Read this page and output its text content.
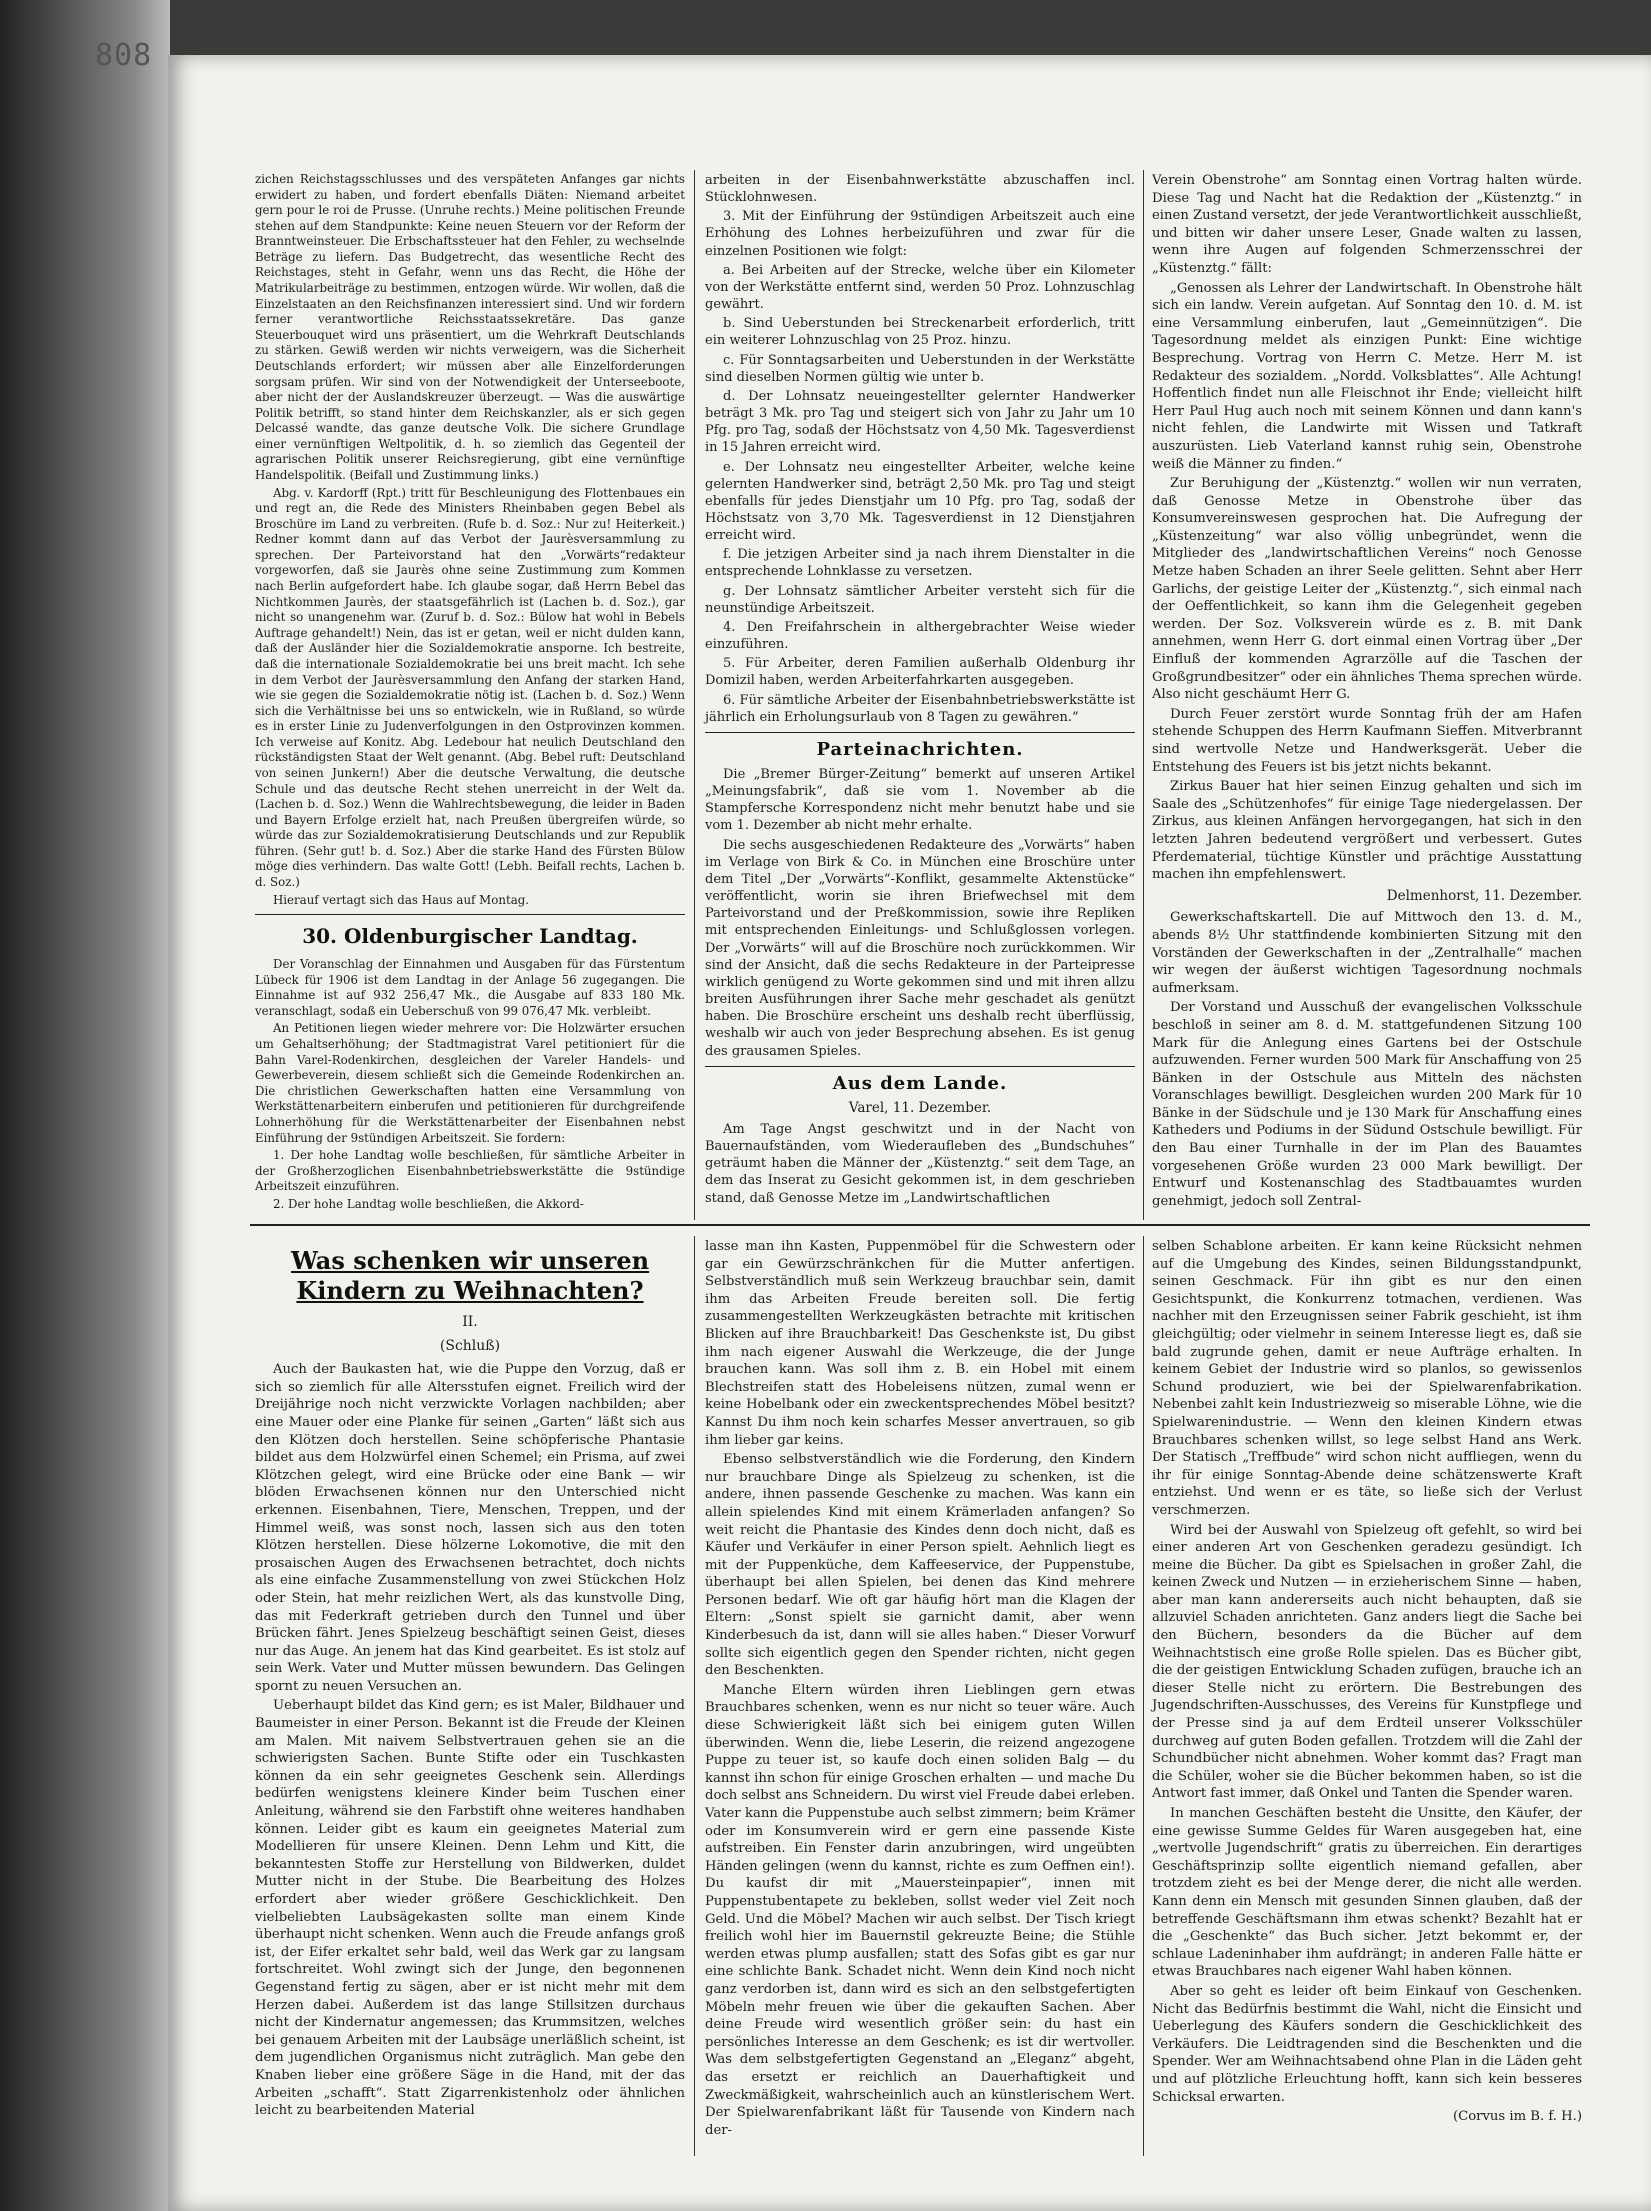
808

zichen Reichstagsschlusses und des verspäteten Anfanges gar nichts erwidert zu haben, und fordert ebenfalls Diäten: Niemand arbeitet gern pour le roi de Prusse. (Unruhe rechts.) Meine politischen Freunde stehen auf dem Standpunkte: Keine neuen Steuern vor der Reform der Branntweinsteuer. Die Erbschaftssteuer hat den Fehler, zu wechselnde Beträge zu liefern. Das Budgetrecht, das wesentliche Recht des Reichstages, steht in Gefahr, wenn uns das Recht, die Höhe der Matrikularbeiträge zu bestimmen, entzogen würde. Wir wollen, daß die Einzelstaaten an den Reichsfinanzen interessiert sind. Und wir fordern ferner verantwortliche Reichsstaatssekretäre. Das ganze Steuerbouquet wird uns präsentiert, um die Wehrkraft Deutschlands zu stärken. Gewiß werden wir nichts verweigern, was die Sicherheit Deutschlands erfordert; wir müssen aber alle Einzelforderungen sorgsam prüfen. Wir sind von der Notwendigkeit der Unterseeboote, aber nicht der der Auslandskreuzer überzeugt. — Was die auswärtige Politik betrifft, so stand hinter dem Reichskanzler, als er sich gegen Delcassé wandte, das ganze deutsche Volk. Die sichere Grundlage einer vernünftigen Weltpolitik, d. h. so ziemlich das Gegenteil der agrarischen Politik unserer Reichsregierung, gibt eine vernünftige Handelspolitik. (Beifall und Zustimmung links.)

Abg. v. Kardorff (Rpt.) tritt für Beschleunigung des Flottenbaues ein und regt an, die Rede des Ministers Rheinbaben gegen Bebel als Broschüre im Land zu verbreiten. (Rufe b. d. Soz.: Nur zu! Heiterkeit.) Redner kommt dann auf das Verbot der Jaurèsversammlung zu sprechen. Der Parteivorstand hat den „Vorwärts“redakteur vorgeworfen, daß sie Jaurès ohne seine Zustimmung zum Kommen nach Berlin aufgefordert habe. Ich glaube sogar, daß Herrn Bebel das Nichtkommen Jaurès, der staatsgefährlich ist (Lachen b. d. Soz.), gar nicht so unangenehm war. (Zuruf b. d. Soz.: Bülow hat wohl in Bebels Auftrage gehandelt!) Nein, das ist er getan, weil er nicht dulden kann, daß der Ausländer hier die Sozialdemokratie ansporne. Ich bestreite, daß die internationale Sozialdemokratie bei uns breit macht. Ich sehe in dem Verbot der Jaurèsversammlung den Anfang der starken Hand, wie sie gegen die Sozialdemokratie nötig ist. (Lachen b. d. Soz.) Wenn sich die Verhältnisse bei uns so entwickeln, wie in Rußland, so würde es in erster Linie zu Judenverfolgungen in den Ostprovinzen kommen. Ich verweise auf Konitz. Abg. Ledebour hat neulich Deutschland den rückständigsten Staat der Welt genannt. (Abg. Bebel ruft: Deutschland von seinen Junkern!) Aber die deutsche Verwaltung, die deutsche Schule und das deutsche Recht stehen unerreicht in der Welt da. (Lachen b. d. Soz.) Wenn die Wahlrechtsbewegung, die leider in Baden und Bayern Erfolge erzielt hat, nach Preußen übergreifen würde, so würde das zur Sozialdemokratisierung Deutschlands und zur Republik führen. (Sehr gut! b. d. Soz.) Aber die starke Hand des Fürsten Bülow möge dies verhindern. Das walte Gott! (Lebh. Beifall rechts, Lachen b. d. Soz.)

Hierauf vertagt sich das Haus auf Montag.

30. Oldenburgischer Landtag.

Der Voranschlag der Einnahmen und Ausgaben für das Fürstentum Lübeck für 1906 ist dem Landtag in der Anlage 56 zugegangen. Die Einnahme ist auf 932 256,47 Mk., die Ausgabe auf 833 180 Mk. veranschlagt, sodaß ein Ueberschuß von 99 076,47 Mk. verbleibt.

An Petitionen liegen wieder mehrere vor: Die Holzwärter ersuchen um Gehaltserhöhung; der Stadtmagistrat Varel petitioniert für die Bahn Varel-Rodenkirchen, desgleichen der Vareler Handels- und Gewerbeverein, diesem schließt sich die Gemeinde Rodenkirchen an. Die christlichen Gewerkschaften hatten eine Versammlung von Werkstättenarbeitern einberufen und petitionieren für durchgreifende Lohnerhöhung für die Werkstättenarbeiter der Eisenbahnen nebst Einführung der 9stündigen Arbeitszeit. Sie fordern:

1. Der hohe Landtag wolle beschließen, für sämtliche Arbeiter in der Großherzoglichen Eisenbahnbetriebswerkstätte die 9stündige Arbeitszeit einzuführen.

2. Der hohe Landtag wolle beschließen, die Akkord-

arbeiten in der Eisenbahnwerkstätte abzuschaffen incl. Stücklohnwesen.

3. Mit der Einführung der 9stündigen Arbeitszeit auch eine Erhöhung des Lohnes herbeizuführen und zwar für die einzelnen Positionen wie folgt:

a. Bei Arbeiten auf der Strecke, welche über ein Kilometer von der Werkstätte entfernt sind, werden 50 Proz. Lohnzuschlag gewährt.

b. Sind Ueberstunden bei Streckenarbeit erforderlich, tritt ein weiterer Lohnzuschlag von 25 Proz. hinzu.

c. Für Sonntagsarbeiten und Ueberstunden in der Werkstätte sind dieselben Normen gültig wie unter b.

d. Der Lohnsatz neueingestellter gelernter Handwerker beträgt 3 Mk. pro Tag und steigert sich von Jahr zu Jahr um 10 Pfg. pro Tag, sodaß der Höchstsatz von 4,50 Mk. Tagesverdienst in 15 Jahren erreicht wird.

e. Der Lohnsatz neu eingestellter Arbeiter, welche keine gelernten Handwerker sind, beträgt 2,50 Mk. pro Tag und steigt ebenfalls für jedes Dienstjahr um 10 Pfg. pro Tag, sodaß der Höchstsatz von 3,70 Mk. Tagesverdienst in 12 Dienstjahren erreicht wird.

f. Die jetzigen Arbeiter sind ja nach ihrem Dienstalter in die entsprechende Lohnklasse zu versetzen.

g. Der Lohnsatz sämtlicher Arbeiter versteht sich für die neunstündige Arbeitszeit.

4. Den Freifahrschein in althergebrachter Weise wieder einzuführen.

5. Für Arbeiter, deren Familien außerhalb Oldenburg ihr Domizil haben, werden Arbeiterfahrkarten ausgegeben.

6. Für sämtliche Arbeiter der Eisenbahnbetriebswerkstätte ist jährlich ein Erholungsurlaub von 8 Tagen zu gewähren.“

Parteinachrichten.

Die „Bremer Bürger-Zeitung“ bemerkt auf unseren Artikel „Meinungsfabrik“, daß sie vom 1. November ab die Stampfersche Korrespondenz nicht mehr benutzt habe und sie vom 1. Dezember ab nicht mehr erhalte.

Die sechs ausgeschiedenen Redakteure des „Vorwärts“ haben im Verlage von Birk & Co. in München eine Broschüre unter dem Titel „Der „Vorwärts“-Konflikt, gesammelte Aktenstücke“ veröffentlicht, worin sie ihren Briefwechsel mit dem Parteivorstand und der Preßkommission, sowie ihre Repliken mit entsprechenden Einleitungs- und Schlußglossen vorlegen. Der „Vorwärts“ will auf die Broschüre noch zurückkommen. Wir sind der Ansicht, daß die sechs Redakteure in der Parteipresse wirklich genügend zu Worte gekommen sind und mit ihren allzu breiten Ausführungen ihrer Sache mehr geschadet als genützt haben. Die Broschüre erscheint uns deshalb recht überflüssig, weshalb wir auch von jeder Besprechung absehen. Es ist genug des grausamen Spieles.

Aus dem Lande.
Varel, 11. Dezember.

Am Tage Angst geschwitzt und in der Nacht von Bauernaufständen, vom Wiederaufleben des „Bundschuhes“ geträumt haben die Männer der „Küstenztg.“ seit dem Tage, an dem das Inserat zu Gesicht gekommen ist, in dem geschrieben stand, daß Genosse Metze im „Landwirtschaftlichen

Verein Obenstrohe“ am Sonntag einen Vortrag halten würde. Diese Tag und Nacht hat die Redaktion der „Küstenztg.“ in einen Zustand versetzt, der jede Verantwortlichkeit ausschließt, und bitten wir daher unsere Leser, Gnade walten zu lassen, wenn ihre Augen auf folgenden Schmerzensschrei der „Küstenztg.“ fällt:

„Genossen als Lehrer der Landwirtschaft. In Obenstrohe hält sich ein landw. Verein aufgetan. Auf Sonntag den 10. d. M. ist eine Versammlung einberufen, laut „Gemeinnützigen“. Die Tagesordnung meldet als einzigen Punkt: Eine wichtige Besprechung. Vortrag von Herrn C. Metze. Herr M. ist Redakteur des sozialdem. „Nordd. Volksblattes“. Alle Achtung! Hoffentlich findet nun alle Fleischnot ihr Ende; vielleicht hilft Herr Paul Hug auch noch mit seinem Können und dann kann's nicht fehlen, die Landwirte mit Wissen und Tatkraft auszurüsten. Lieb Vaterland kannst ruhig sein, Obenstrohe weiß die Männer zu finden.“

Zur Beruhigung der „Küstenztg.“ wollen wir nun verraten, daß Genosse Metze in Obenstrohe über das Konsumvereinswesen gesprochen hat. Die Aufregung der „Küstenzeitung“ war also völlig unbegründet, wenn die Mitglieder des „landwirtschaftlichen Vereins“ noch Genosse Metze haben Schaden an ihrer Seele gelitten. Sehnt aber Herr Garlichs, der geistige Leiter der „Küstenztg.“, sich einmal nach der Oeffentlichkeit, so kann ihm die Gelegenheit gegeben werden. Der Soz. Volksverein würde es z. B. mit Dank annehmen, wenn Herr G. dort einmal einen Vortrag über „Der Einfluß der kommenden Agrarzölle auf die Taschen der Großgrundbesitzer“ oder ein ähnliches Thema sprechen würde. Also nicht geschäumt Herr G.

Durch Feuer zerstört wurde Sonntag früh der am Hafen stehende Schuppen des Herrn Kaufmann Sieffen. Mitverbrannt sind wertvolle Netze und Handwerksgerät. Ueber die Entstehung des Feuers ist bis jetzt nichts bekannt.

Zirkus Bauer hat hier seinen Einzug gehalten und sich im Saale des „Schützenhofes“ für einige Tage niedergelassen. Der Zirkus, aus kleinen Anfängen hervorgegangen, hat sich in den letzten Jahren bedeutend vergrößert und verbessert. Gutes Pferdematerial, tüchtige Künstler und prächtige Ausstattung machen ihn empfehlenswert.

Delmenhorst, 11. Dezember.

Gewerkschaftskartell. Die auf Mittwoch den 13. d. M., abends 8½ Uhr stattfindende kombinierten Sitzung mit den Vorständen der Gewerkschaften in der „Zentralhalle“ machen wir wegen der äußerst wichtigen Tagesordnung nochmals aufmerksam.

Der Vorstand und Ausschuß der evangelischen Volksschule beschloß in seiner am 8. d. M. stattgefundenen Sitzung 100 Mark für die Anlegung eines Gartens bei der Ostschule aufzuwenden. Ferner wurden 500 Mark für Anschaffung von 25 Bänken in der Ostschule aus Mitteln des nächsten Voranschlages bewilligt. Desgleichen wurden 200 Mark für 10 Bänke in der Südschule und je 130 Mark für Anschaffung eines Katheders und Podiums in der Südund Ostschule bewilligt. Für den Bau einer Turnhalle in der im Plan des Bauamtes vorgesehenen Größe wurden 23 000 Mark bewilligt. Der Entwurf und Kostenanschlag des Stadtbauamtes wurden genehmigt, jedoch soll Zentral-

Was schenken wir unseren Kindern zu Weihnachten?
II.
(Schluß)

Auch der Baukasten hat, wie die Puppe den Vorzug, daß er sich so ziemlich für alle Altersstufen eignet. Freilich wird der Dreijährige noch nicht verzwickte Vorlagen nachbilden; aber eine Mauer oder eine Planke für seinen „Garten“ läßt sich aus den Klötzen doch herstellen. Seine schöpferische Phantasie bildet aus dem Holzwürfel einen Schemel; ein Prisma, auf zwei Klötzchen gelegt, wird eine Brücke oder eine Bank — wir blöden Erwachsenen können nur den Unterschied nicht erkennen. Eisenbahnen, Tiere, Menschen, Treppen, und der Himmel weiß, was sonst noch, lassen sich aus den toten Klötzen herstellen. Diese hölzerne Lokomotive, die mit den prosaischen Augen des Erwachsenen betrachtet, doch nichts als eine einfache Zusammenstellung von zwei Stückchen Holz oder Stein, hat mehr reizlichen Wert, als das kunstvolle Ding, das mit Federkraft getrieben durch den Tunnel und über Brücken fährt. Jenes Spielzeug beschäftigt seinen Geist, dieses nur das Auge. An jenem hat das Kind gearbeitet. Es ist stolz auf sein Werk. Vater und Mutter müssen bewundern. Das Gelingen spornt zu neuen Versuchen an.

Ueberhaupt bildet das Kind gern; es ist Maler, Bildhauer und Baumeister in einer Person. Bekannt ist die Freude der Kleinen am Malen. Mit naivem Selbstvertrauen gehen sie an die schwierigsten Sachen. Bunte Stifte oder ein Tuschkasten können da ein sehr geeignetes Geschenk sein. Allerdings bedürfen wenigstens kleinere Kinder beim Tuschen einer Anleitung, während sie den Farbstift ohne weiteres handhaben können. Leider gibt es kaum ein geeignetes Material zum Modellieren für unsere Kleinen. Denn Lehm und Kitt, die bekanntesten Stoffe zur Herstellung von Bildwerken, duldet Mutter nicht in der Stube. Die Bearbeitung des Holzes erfordert aber wieder größere Geschicklichkeit. Den vielbeliebten Laubsägekasten sollte man einem Kinde überhaupt nicht schenken. Wenn auch die Freude anfangs groß ist, der Eifer erkaltet sehr bald, weil das Werk gar zu langsam fortschreitet. Wohl zwingt sich der Junge, den begonnenen Gegenstand fertig zu sägen, aber er ist nicht mehr mit dem Herzen dabei. Außerdem ist das lange Stillsitzen durchaus nicht der Kindernatur angemessen; das Krummsitzen, welches bei genauem Arbeiten mit der Laubsäge unerläßlich scheint, ist dem jugendlichen Organismus nicht zuträglich. Man gebe den Knaben lieber eine größere Säge in die Hand, mit der das Arbeiten „schafft“. Statt Zigarrenkistenholz oder ähnlichen leicht zu bearbeitenden Material

lasse man ihn Kasten, Puppenmöbel für die Schwestern oder gar ein Gewürzschränkchen für die Mutter anfertigen. Selbstverständlich muß sein Werkzeug brauchbar sein, damit ihm das Arbeiten Freude bereiten soll. Die fertig zusammengestellten Werkzeugkästen betrachte mit kritischen Blicken auf ihre Brauchbarkeit! Das Geschenkste ist, Du gibst ihm nach eigener Auswahl die Werkzeuge, die der Junge brauchen kann. Was soll ihm z. B. ein Hobel mit einem Blechstreifen statt des Hobeleisens nützen, zumal wenn er keine Hobelbank oder ein zweckentsprechendes Möbel besitzt? Kannst Du ihm noch kein scharfes Messer anvertrauen, so gib ihm lieber gar keins.

Ebenso selbstverständlich wie die Forderung, den Kindern nur brauchbare Dinge als Spielzeug zu schenken, ist die andere, ihnen passende Geschenke zu machen. Was kann ein allein spielendes Kind mit einem Krämerladen anfangen? So weit reicht die Phantasie des Kindes denn doch nicht, daß es Käufer und Verkäufer in einer Person spielt. Aehnlich liegt es mit der Puppenküche, dem Kaffeeservice, der Puppenstube, überhaupt bei allen Spielen, bei denen das Kind mehrere Personen bedarf. Wie oft gar häufig hört man die Klagen der Eltern: „Sonst spielt sie garnicht damit, aber wenn Kinderbesuch da ist, dann will sie alles haben.“ Dieser Vorwurf sollte sich eigentlich gegen den Spender richten, nicht gegen den Beschenkten.

Manche Eltern würden ihren Lieblingen gern etwas Brauchbares schenken, wenn es nur nicht so teuer wäre. Auch diese Schwierigkeit läßt sich bei einigem guten Willen überwinden. Wenn die, liebe Leserin, die reizend angezogene Puppe zu teuer ist, so kaufe doch einen soliden Balg — du kannst ihn schon für einige Groschen erhalten — und mache Du doch selbst ans Schneidern. Du wirst viel Freude dabei erleben. Vater kann die Puppenstube auch selbst zimmern; beim Krämer oder im Konsumverein wird er gern eine passende Kiste aufstreiben. Ein Fenster darin anzubringen, wird ungeübten Händen gelingen (wenn du kannst, richte es zum Oeffnen ein!). Du kaufst dir mit „Mauersteinpapier“, innen mit Puppenstubentapete zu bekleben, sollst weder viel Zeit noch Geld. Und die Möbel? Machen wir auch selbst. Der Tisch kriegt freilich wohl hier im Bauernstil gekreuzte Beine; die Stühle werden etwas plump ausfallen; statt des Sofas gibt es gar nur eine schlichte Bank. Schadet nicht. Wenn dein Kind noch nicht ganz verdorben ist, dann wird es sich an den selbstgefertigten Möbeln mehr freuen wie über die gekauften Sachen. Aber deine Freude wird wesentlich größer sein: du hast ein persönliches Interesse an dem Geschenk; es ist dir wertvoller. Was dem selbstgefertigten Gegenstand an „Eleganz“ abgeht, das ersetzt er reichlich an Dauerhaftigkeit und Zweckmäßigkeit, wahrscheinlich auch an künstlerischem Wert. Der Spielwarenfabrikant läßt für Tausende von Kindern nach der-

selben Schablone arbeiten. Er kann keine Rücksicht nehmen auf die Umgebung des Kindes, seinen Bildungsstandpunkt, seinen Geschmack. Für ihn gibt es nur den einen Gesichtspunkt, die Konkurrenz totmachen, verdienen. Was nachher mit den Erzeugnissen seiner Fabrik geschieht, ist ihm gleichgültig; oder vielmehr in seinem Interesse liegt es, daß sie bald zugrunde gehen, damit er neue Aufträge erhalten. In keinem Gebiet der Industrie wird so planlos, so gewissenlos Schund produziert, wie bei der Spielwarenfabrikation. Nebenbei zahlt kein Industriezweig so miserable Löhne, wie die Spielwarenindustrie. — Wenn den kleinen Kindern etwas Brauchbares schenken willst, so lege selbst Hand ans Werk. Der Statisch „Treffbude“ wird schon nicht auffliegen, wenn du ihr für einige Sonntag-Abende deine schätzenswerte Kraft entziehst. Und wenn er es täte, so ließe sich der Verlust verschmerzen.

Wird bei der Auswahl von Spielzeug oft gefehlt, so wird bei einer anderen Art von Geschenken geradezu gesündigt. Ich meine die Bücher. Da gibt es Spielsachen in großer Zahl, die keinen Zweck und Nutzen — in erzieherischem Sinne — haben, aber man kann andererseits auch nicht behaupten, daß sie allzuviel Schaden anrichteten. Ganz anders liegt die Sache bei den Büchern, besonders da die Bücher auf dem Weihnachtstisch eine große Rolle spielen. Das es Bücher gibt, die der geistigen Entwicklung Schaden zufügen, brauche ich an dieser Stelle nicht zu erörtern. Die Bestrebungen des Jugendschriften-Ausschusses, des Vereins für Kunstpflege und der Presse sind ja auf dem Erdteil unserer Volksschüler durchweg auf guten Boden gefallen. Trotzdem will die Zahl der Schundbücher nicht abnehmen. Woher kommt das? Fragt man die Schüler, woher sie die Bücher bekommen haben, so ist die Antwort fast immer, daß Onkel und Tanten die Spender waren.

In manchen Geschäften besteht die Unsitte, den Käufer, der eine gewisse Summe Geldes für Waren ausgegeben hat, eine „wertvolle Jugendschrift“ gratis zu überreichen. Ein derartiges Geschäftsprinzip sollte eigentlich niemand gefallen, aber trotzdem zieht es bei der Menge derer, die nicht alle werden. Kann denn ein Mensch mit gesunden Sinnen glauben, daß der betreffende Geschäftsmann ihm etwas schenkt? Bezahlt hat er die „Geschenkte“ das Buch sicher. Jetzt bekommt er, der schlaue Ladeninhaber ihm aufdrängt; in anderen Falle hätte er etwas Brauchbares nach eigener Wahl haben können.

Aber so geht es leider oft beim Einkauf von Geschenken. Nicht das Bedürfnis bestimmt die Wahl, nicht die Einsicht und Ueberlegung des Käufers sondern die Geschicklichkeit des Verkäufers. Die Leidtragenden sind die Beschenkten und die Spender. Wer am Weihnachtsabend ohne Plan in die Läden geht und auf plötzliche Erleuchtung hofft, kann sich kein besseres Schicksal erwarten.

(Corvus im B. f. H.)
